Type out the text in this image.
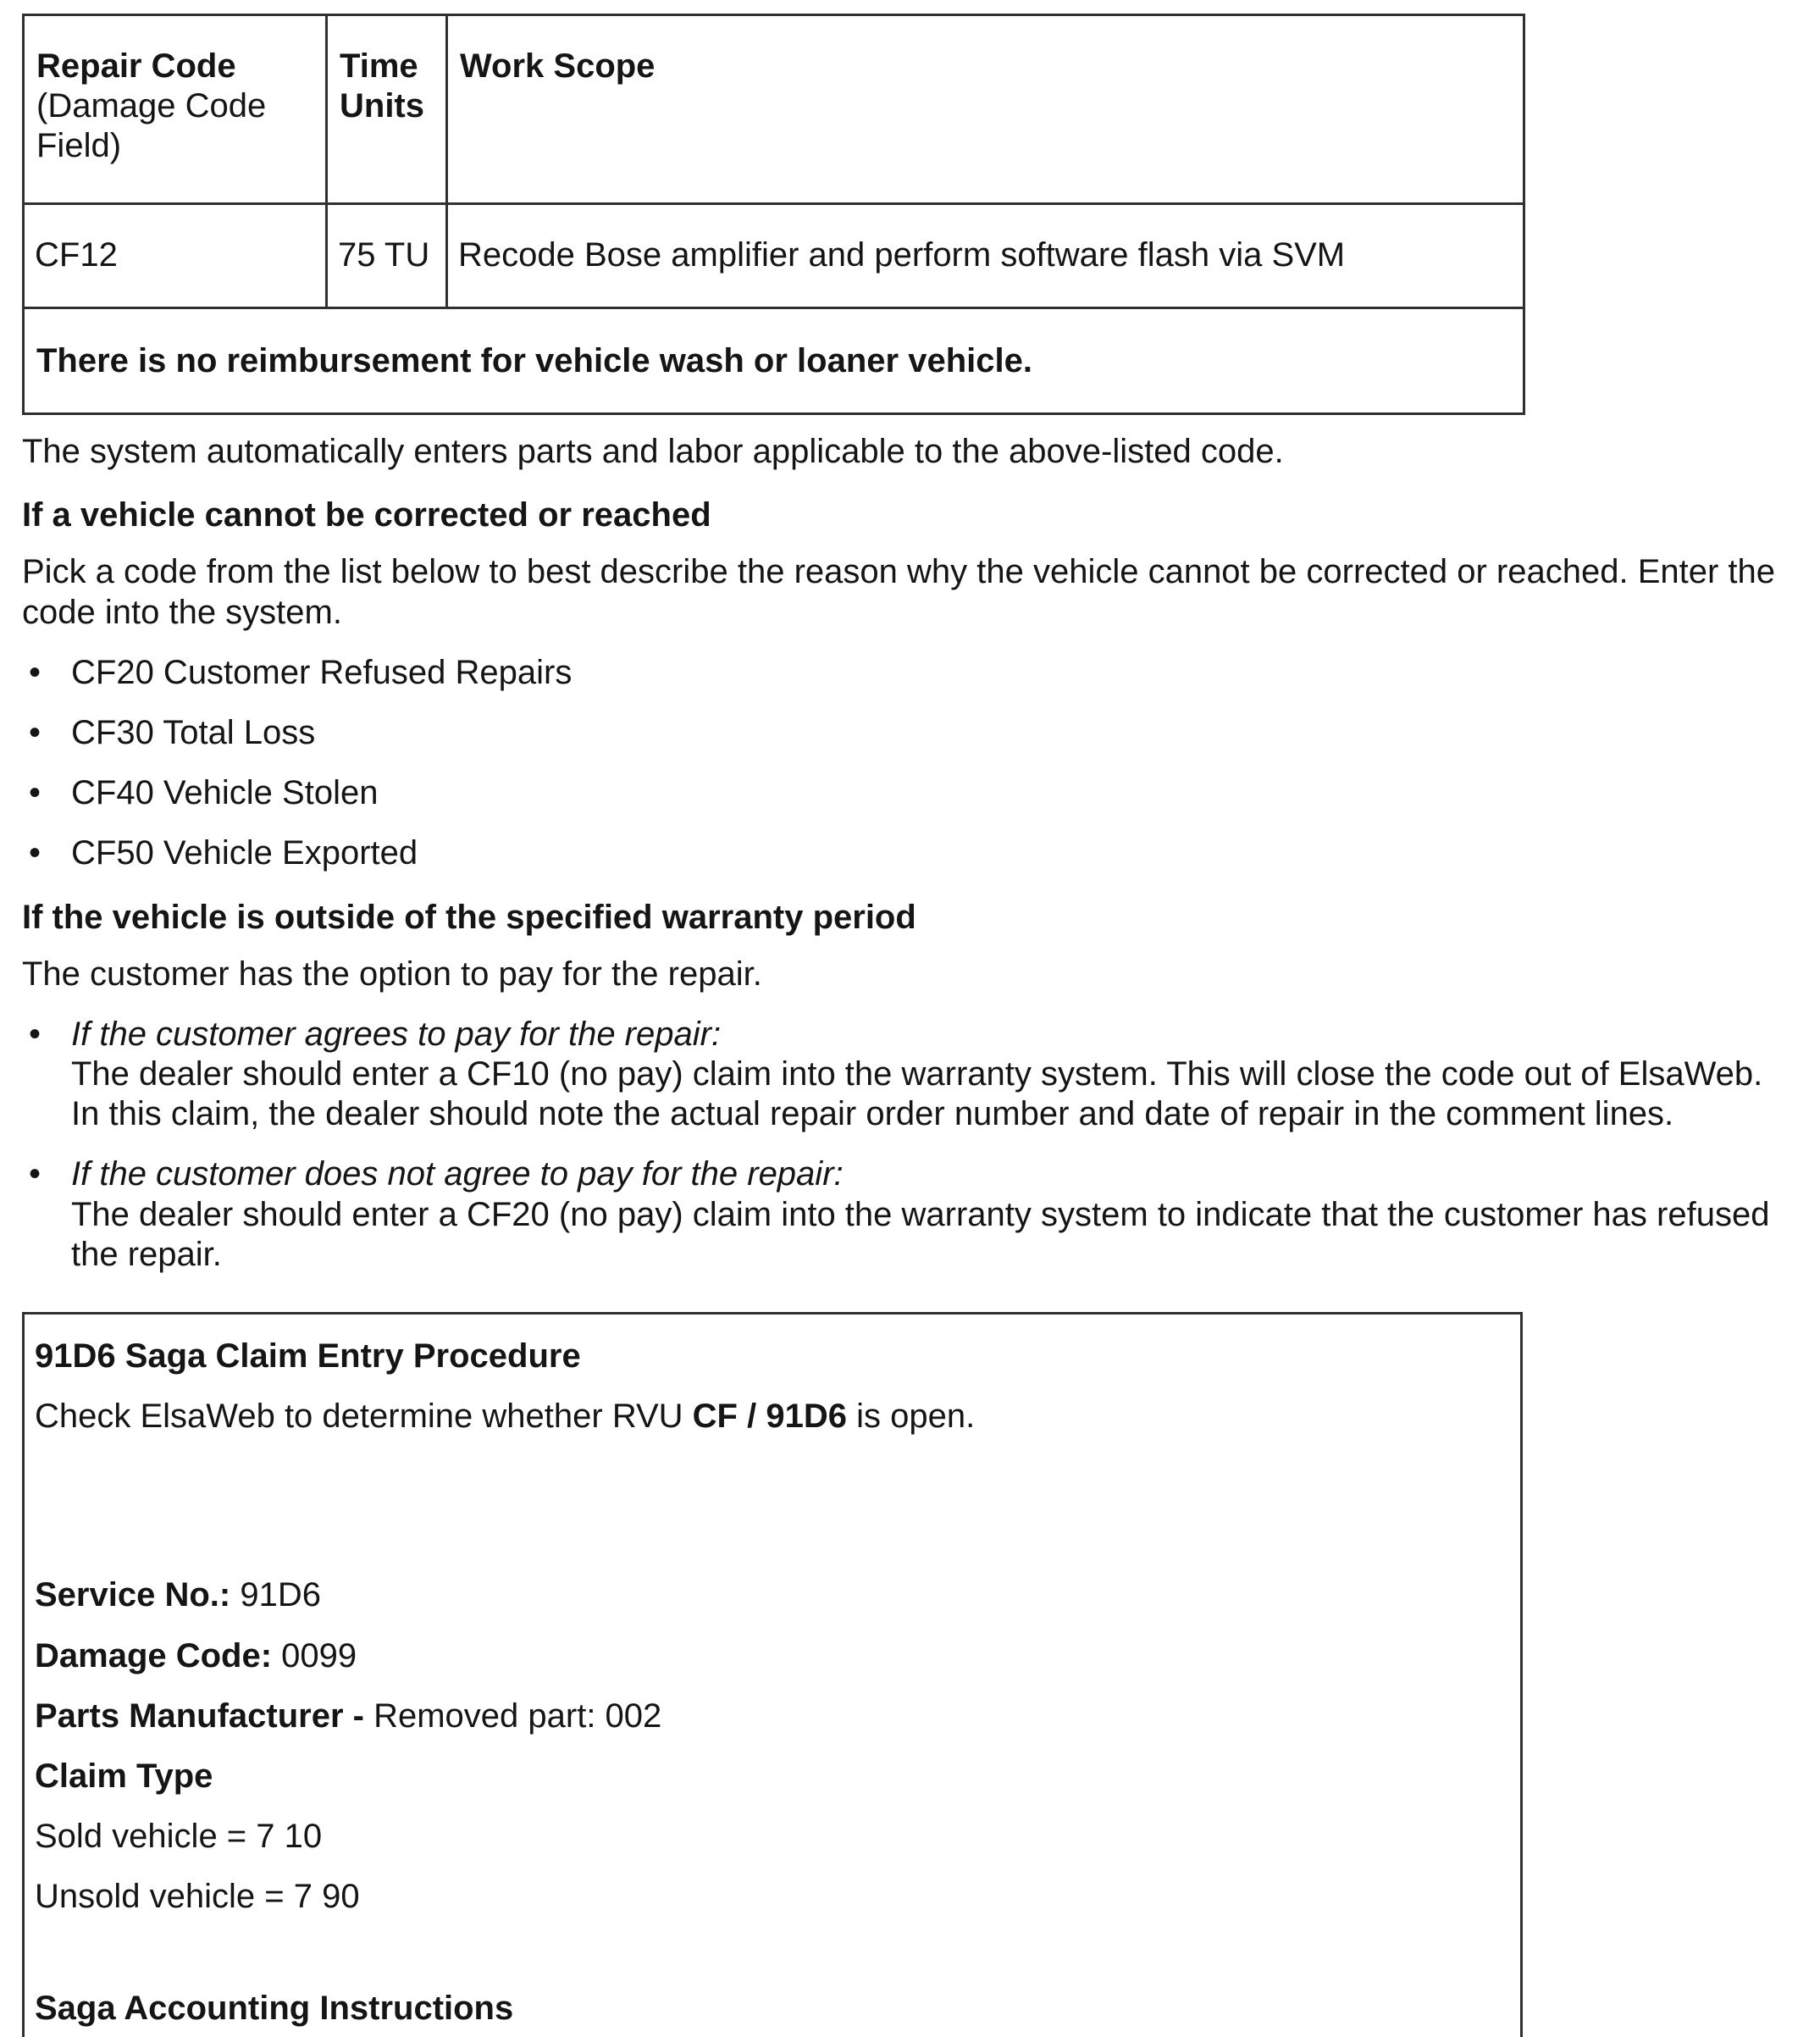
Repair Code
(Damage Code Field)	Time Units	Work Scope
CF12	75 TU	Recode Bose amplifier and perform software flash via SVM
There is no reimbursement for vehicle wash or loaner vehicle.		

The system automatically enters parts and labor applicable to the above-listed code.

If a vehicle cannot be corrected or reached

Pick a code from the list below to best describe the reason why the vehicle cannot be corrected or reached. Enter the code into the system.

• CF20 Customer Refused Repairs
• CF30 Total Loss
• CF40 Vehicle Stolen
• CF50 Vehicle Exported

If the vehicle is outside of the specified warranty period

The customer has the option to pay for the repair.

• If the customer agrees to pay for the repair:
The dealer should enter a CF10 (no pay) claim into the warranty system. This will close the code out of ElsaWeb.
In this claim, the dealer should note the actual repair order number and date of repair in the comment lines.
• If the customer does not agree to pay for the repair:
The dealer should enter a CF20 (no pay) claim into the warranty system to indicate that the customer has refused the repair.

91D6 Saga Claim Entry Procedure

Check ElsaWeb to determine whether RVU CF / 91D6 is open.

Service No.: 91D6

Damage Code: 0099

Parts Manufacturer - Removed part: 002

Claim Type

Sold vehicle = 7 10

Unsold vehicle = 7 90

Saga Accounting Instructions
